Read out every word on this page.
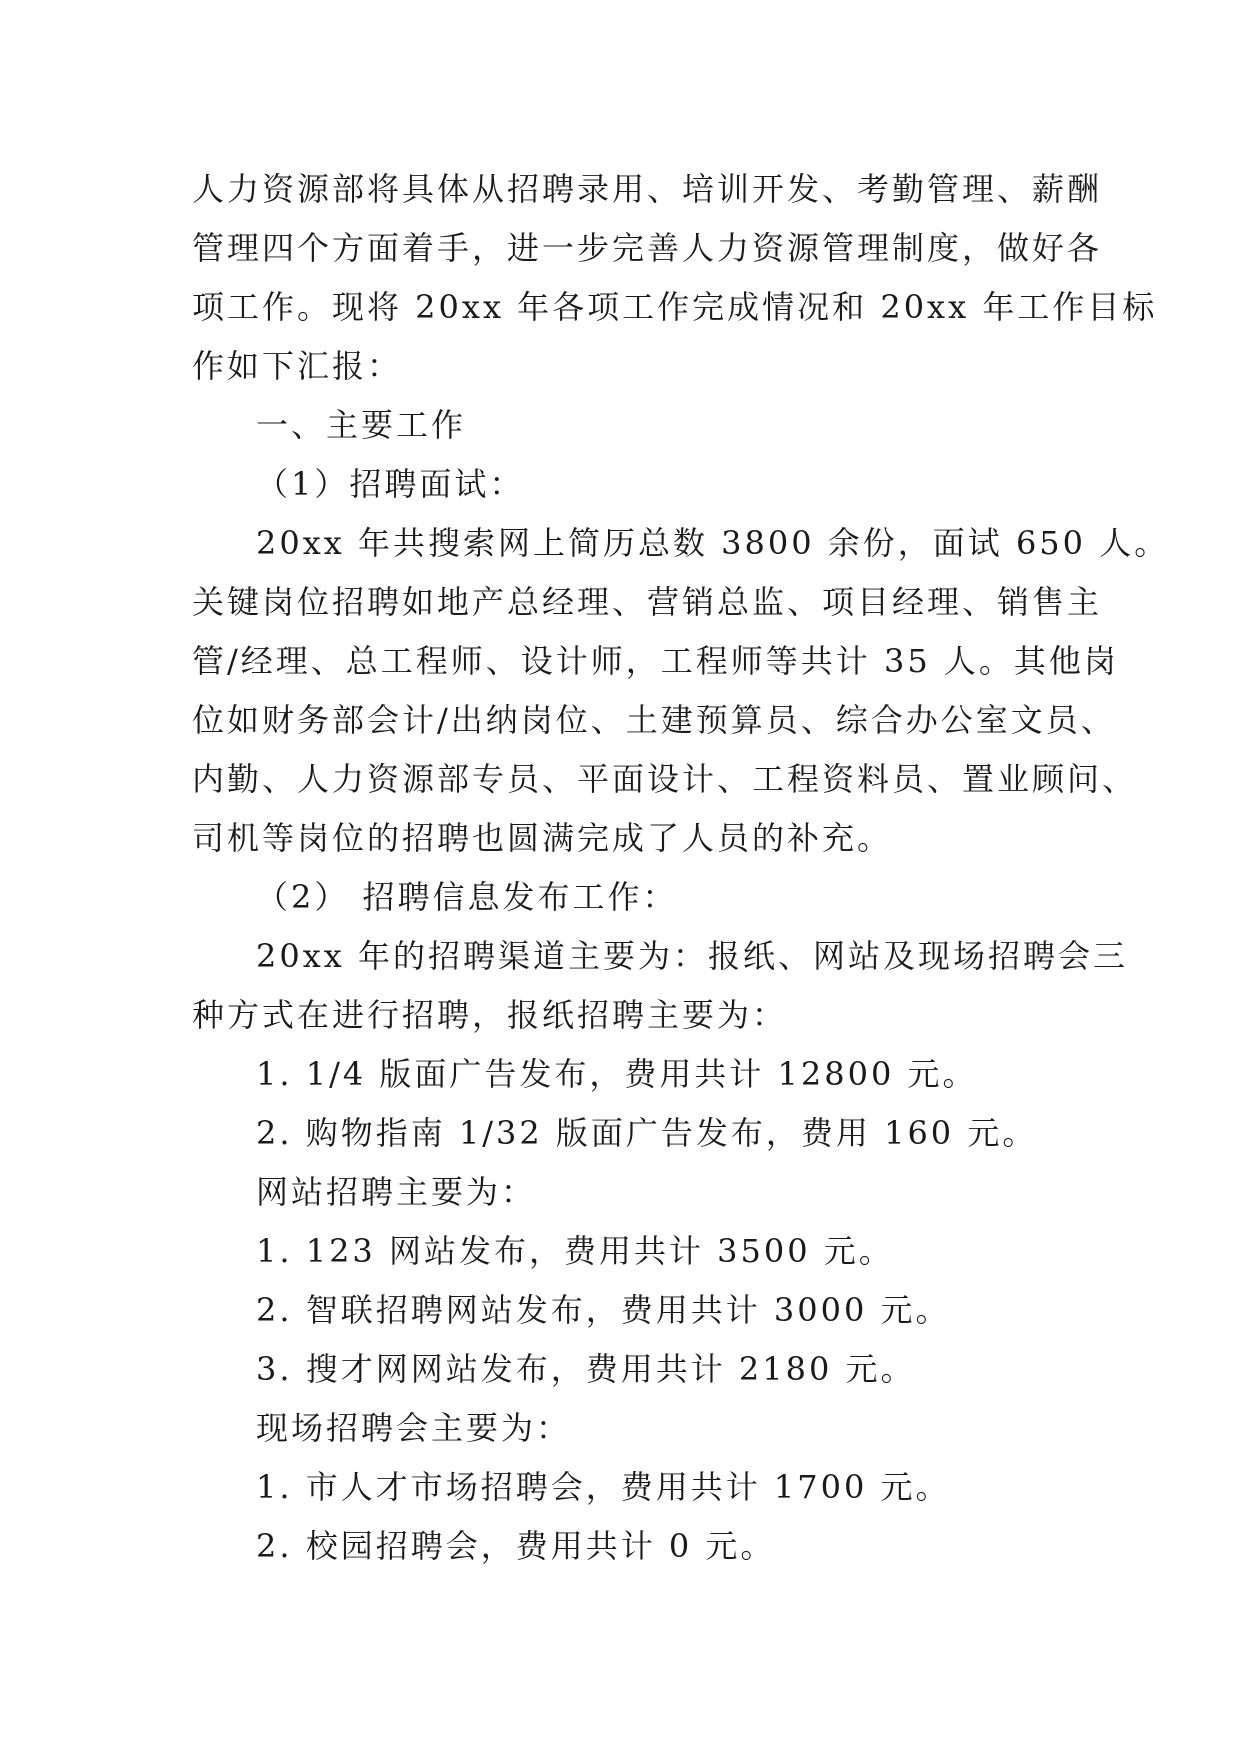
人力资源部将具体从招聘录用、培训开发、考勤管理、薪酬
管理四个方面着手，进一步完善人力资源管理制度，做好各
项工作。现将 20xx 年各项工作完成情况和 20xx 年工作目标
作如下汇报：
一、主要工作
（1）招聘面试：
20xx 年共搜索网上简历总数 3800 余份，面试 650 人。
关键岗位招聘如地产总经理、营销总监、项目经理、销售主
管/经理、总工程师、设计师，工程师等共计 35 人。其他岗
位如财务部会计/出纳岗位、土建预算员、综合办公室文员、
内勤、人力资源部专员、平面设计、工程资料员、置业顾问、
司机等岗位的招聘也圆满完成了人员的补充。
（2） 招聘信息发布工作：
20xx 年的招聘渠道主要为：报纸、网站及现场招聘会三
种方式在进行招聘，报纸招聘主要为：
1. 1/4 版面广告发布，费用共计 12800 元。
2. 购物指南 1/32 版面广告发布，费用 160 元。
网站招聘主要为：
1. 123 网站发布，费用共计 3500 元。
2. 智联招聘网站发布，费用共计 3000 元。
3. 搜才网网站发布，费用共计 2180 元。
现场招聘会主要为：
1. 市人才市场招聘会，费用共计 1700 元。
2. 校园招聘会，费用共计 0 元。
